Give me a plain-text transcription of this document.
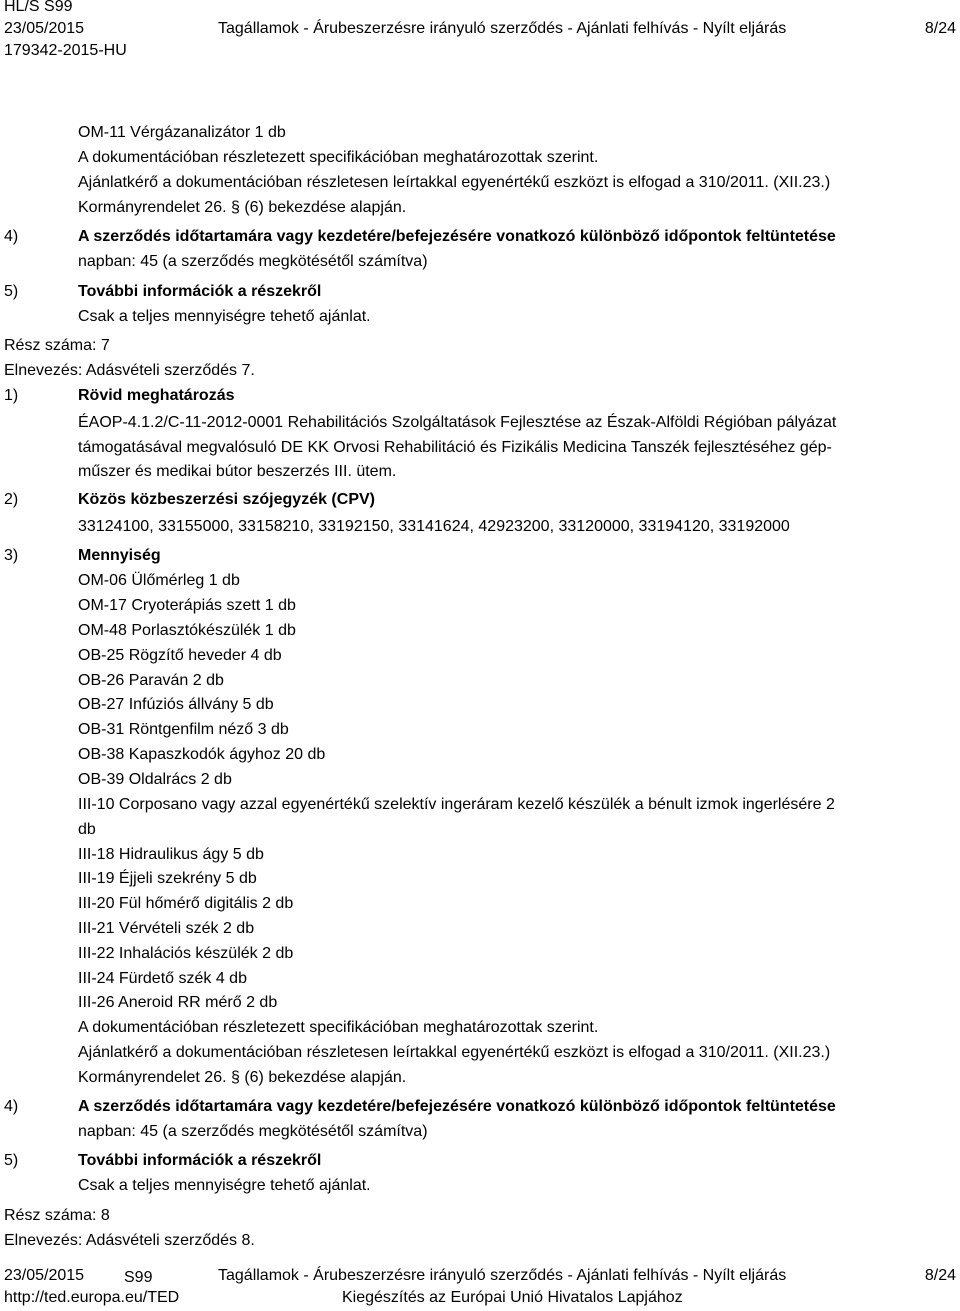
HL/S S99
23/05/2015
179342-2015-HU
Tagállamok - Árubeszerzésre irányuló szerződés - Ajánlati felhívás - Nyílt eljárás	8/24
OM-11 Vérgázanalizátor 1 db
A dokumentációban részletezett specifikációban meghatározottak szerint.
Ajánlatkérő a dokumentációban részletesen leírtakkal egyenértékű eszközt is elfogad a 310/2011. (XII.23.)
Kormányrendelet 26. § (6) bekezdése alapján.
4)	A szerződés időtartamára vagy kezdetére/befejezésére vonatkozó különböző időpontok feltüntetése
napban: 45 (a szerződés megkötésétől számítva)
5)	További információk a részekről
Csak a teljes mennyiségre tehető ajánlat.
Rész száma: 7
Elnevezés: Adásvételi szerződés 7.
1)	Rövid meghatározás
ÉAOP-4.1.2/C-11-2012-0001 Rehabilitációs Szolgáltatások Fejlesztése az Észak-Alföldi Régióban pályázat
támogatásával megvalósuló DE KK Orvosi Rehabilitáció és Fizikális Medicina Tanszék fejlesztéséhez gép-
műszer és medikai bútor beszerzés III. ütem.
2)	Közös közbeszerzési szójegyzék (CPV)
33124100, 33155000, 33158210, 33192150, 33141624, 42923200, 33120000, 33194120, 33192000
3)	Mennyiség
OM-06 Ülőmérleg 1 db
OM-17 Cryoterápiás szett 1 db
OM-48 Porlasztókészülék 1 db
OB-25 Rögzítő heveder 4 db
OB-26 Paraván 2 db
OB-27 Infúziós állvány 5 db
OB-31 Röntgenfilm néző 3 db
OB-38 Kapaszkodók ágyhoz 20 db
OB-39 Oldalrács 2 db
III-10 Corposano vagy azzal egyenértékű szelektív ingeráram kezelő készülék a bénult izmok ingerlésére 2
db
III-18 Hidraulikus ágy 5 db
III-19 Éjjeli szekrény 5 db
III-20 Fül hőmérő digitális 2 db
III-21 Vérvételi szék 2 db
III-22 Inhalációs készülék 2 db
III-24 Fürdető szék 4 db
III-26 Aneroid RR mérő 2 db
A dokumentációban részletezett specifikációban meghatározottak szerint.
Ajánlatkérő a dokumentációban részletesen leírtakkal egyenértékű eszközt is elfogad a 310/2011. (XII.23.)
Kormányrendelet 26. § (6) bekezdése alapján.
4)	A szerződés időtartamára vagy kezdetére/befejezésére vonatkozó különböző időpontok feltüntetése
napban: 45 (a szerződés megkötésétől számítva)
5)	További információk a részekről
Csak a teljes mennyiségre tehető ajánlat.
Rész száma: 8
Elnevezés: Adásvételi szerződés 8.
23/05/2015 S99	Tagállamok - Árubeszerzésre irányuló szerződés - Ajánlati felhívás - Nyílt eljárás	8/24
http://ted.europa.eu/TED	Kiegészítés az Európai Unió Hivatalos Lapjához
